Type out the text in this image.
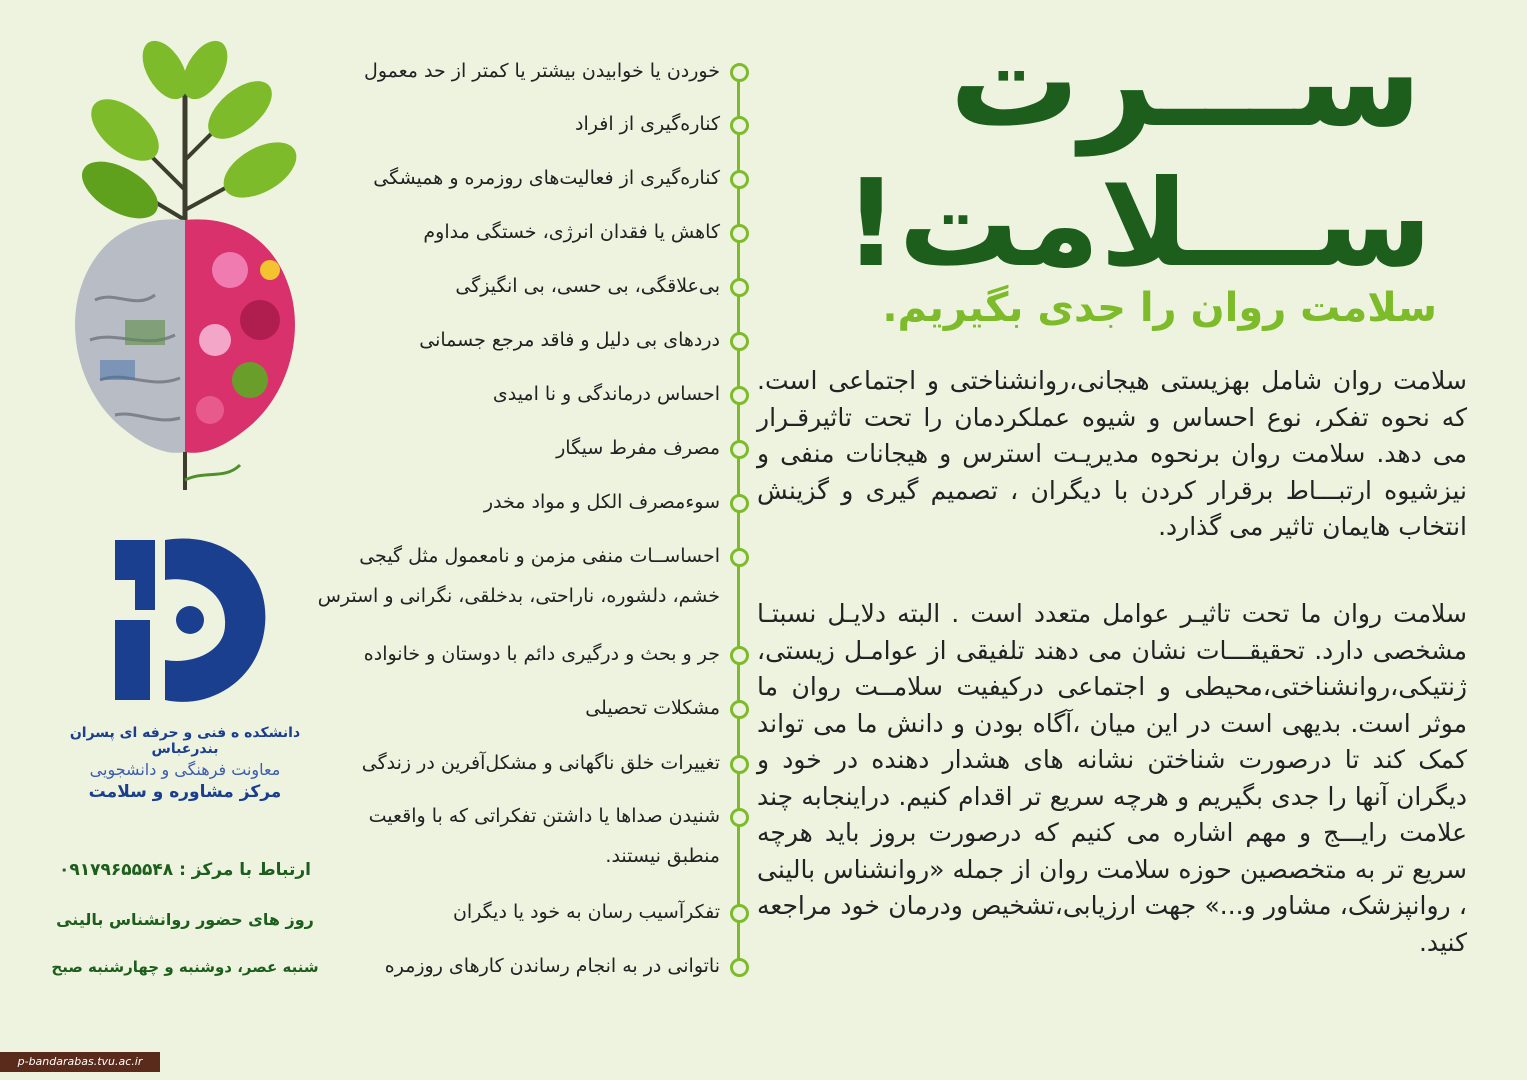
ســـرت
ســـلامت!
سلامت روان را جدی بگیریم.
سلامت روان شامل بهزیستی هیجانی،روانشناختی و اجتماعی است. که نحوه تفکر، نوع احساس و شیوه عملکردمان را تحت تاثیرقـرار می دهد. سلامت روان برنحوه مدیریـت استرس و هیجانات منفی و نیزشیوه ارتبـــاط برقرار کردن با دیگران ، تصمیم گیری و گزینش انتخاب هایمان تاثیر می گذارد.
سلامت روان ما تحت تاثیـر عوامل متعدد است . البته دلایـل نسبتـا مشخصی دارد. تحقیقـــات نشان می دهند تلفیقی از عوامـل زیستی، ژنتیکی،روانشناختی،محیطی و اجتماعی درکیفیت سلامــت روان ما موثر است. بدیهی است در این میان ،آگاه بودن و دانش ما می تواند کمک کند تا درصورت شناختن نشانه های هشدار دهنده در خود و دیگران آنها را جدی بگیریم و هرچه سریع تر اقدام کنیم. دراینجابه چند علامت رایـــج و مهم اشاره می کنیم که درصورت بروز باید هرچه سریع تر به متخصصین حوزه سلامت روان از جمله «روانشناس بالینی ، روانپزشک، مشاور و...» جهت ارزیابی،تشخیص ودرمان خود مراجعه کنید.
خوردن یا خوابیدن بیشتر یا کمتر از حد معمول
کناره‌گیری از افراد
کناره‌گیری از فعالیت‌های روزمره و همیشگی
کاهش یا فقدان انرژی، خستگی مداوم
بی‌علاقگی، بی حسی، بی انگیزگی
دردهای بی دلیل و فاقد مرجع جسمانی
احساس درماندگی و نا امیدی
مصرف مفرط سیگار
سوءمصرف الکل و مواد مخدر
احساســات منفی مزمن و نامعمول مثل گیجی
خشم، دلشوره، ناراحتی، بدخلقی، نگرانی و استرس
جر و بحث و درگیری دائم با دوستان و خانواده
مشکلات تحصیلی
تغییرات خلق ناگهانی و مشکل‌آفرین در زندگی
شنیدن صداها یا داشتن تفکراتی که با واقعیت
منطبق نیستند.
تفکرآسیب رسان به خود یا دیگران
ناتوانی در به انجام رساندن کارهای روزمره
دانشکده ه فنی و حرفه ای پسران بندرعباس
معاونت فرهنگی و دانشجویی
مرکز مشاوره و سلامت
ارتباط با مرکز : ۰۹۱۷۹۶۵۵۵۴۸
روز های حضور روانشناس بالینی
شنبه عصر، دوشنبه و چهارشنبه صبح
p-bandarabas.tvu.ac.ir
